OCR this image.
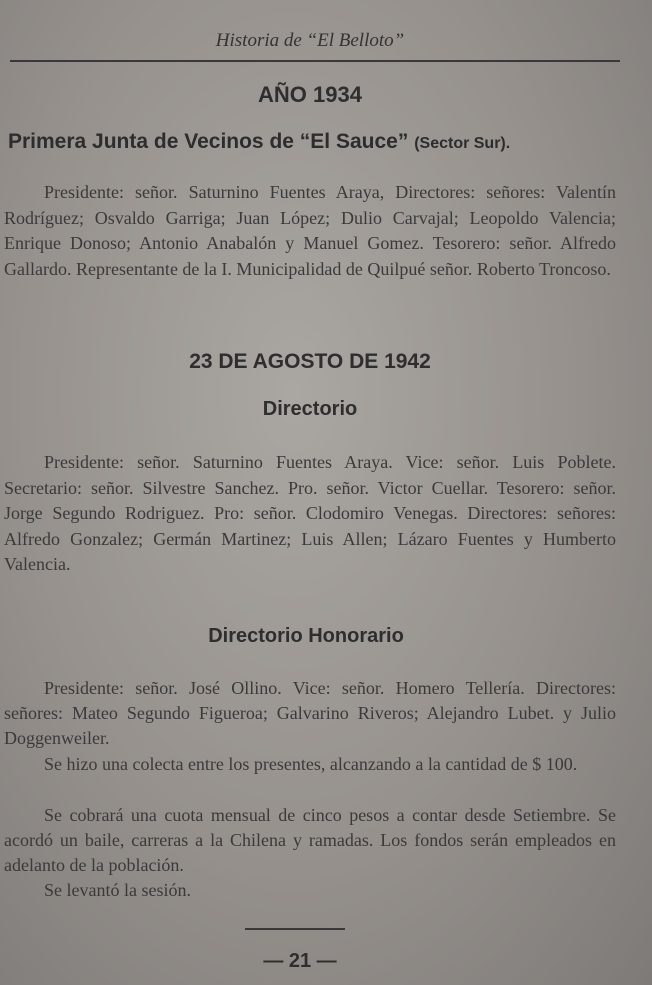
Historia de “El Belloto”
AÑO 1934
Primera Junta de Vecinos de “El Sauce” (Sector Sur).
Presidente: señor. Saturnino Fuentes Araya, Directores: señores: Valentín Rodríguez; Osvaldo Garriga; Juan López; Dulio Carvajal; Leopoldo Valencia; Enrique Donoso; Antonio Anabalón y Manuel Gomez. Tesorero: señor. Alfredo Gallardo. Representante de la I. Municipalidad de Quilpué señor. Roberto Troncoso.
23 DE AGOSTO DE 1942
Directorio
Presidente: señor. Saturnino Fuentes Araya. Vice: señor. Luis Poblete. Secretario: señor. Silvestre Sanchez. Pro. señor. Victor Cuellar. Tesorero: señor. Jorge Segundo Rodriguez. Pro: señor. Clodomiro Venegas. Directores: señores: Alfredo Gonzalez; Germán Martinez; Luis Allen; Lázaro Fuentes y Humberto Valencia.
Directorio Honorario
Presidente: señor. José Ollino. Vice: señor. Homero Tellería. Directores: señores: Mateo Segundo Figueroa; Galvarino Riveros; Alejandro Lubet. y Julio Doggenweiler.
Se hizo una colecta entre los presentes, alcanzando a la cantidad de $ 100.
Se cobrará una cuota mensual de cinco pesos a contar desde Setiembre. Se acordó un baile, carreras a la Chilena y ramadas. Los fondos serán empleados en adelanto de la población.
Se levantó la sesión.
— 21 —
